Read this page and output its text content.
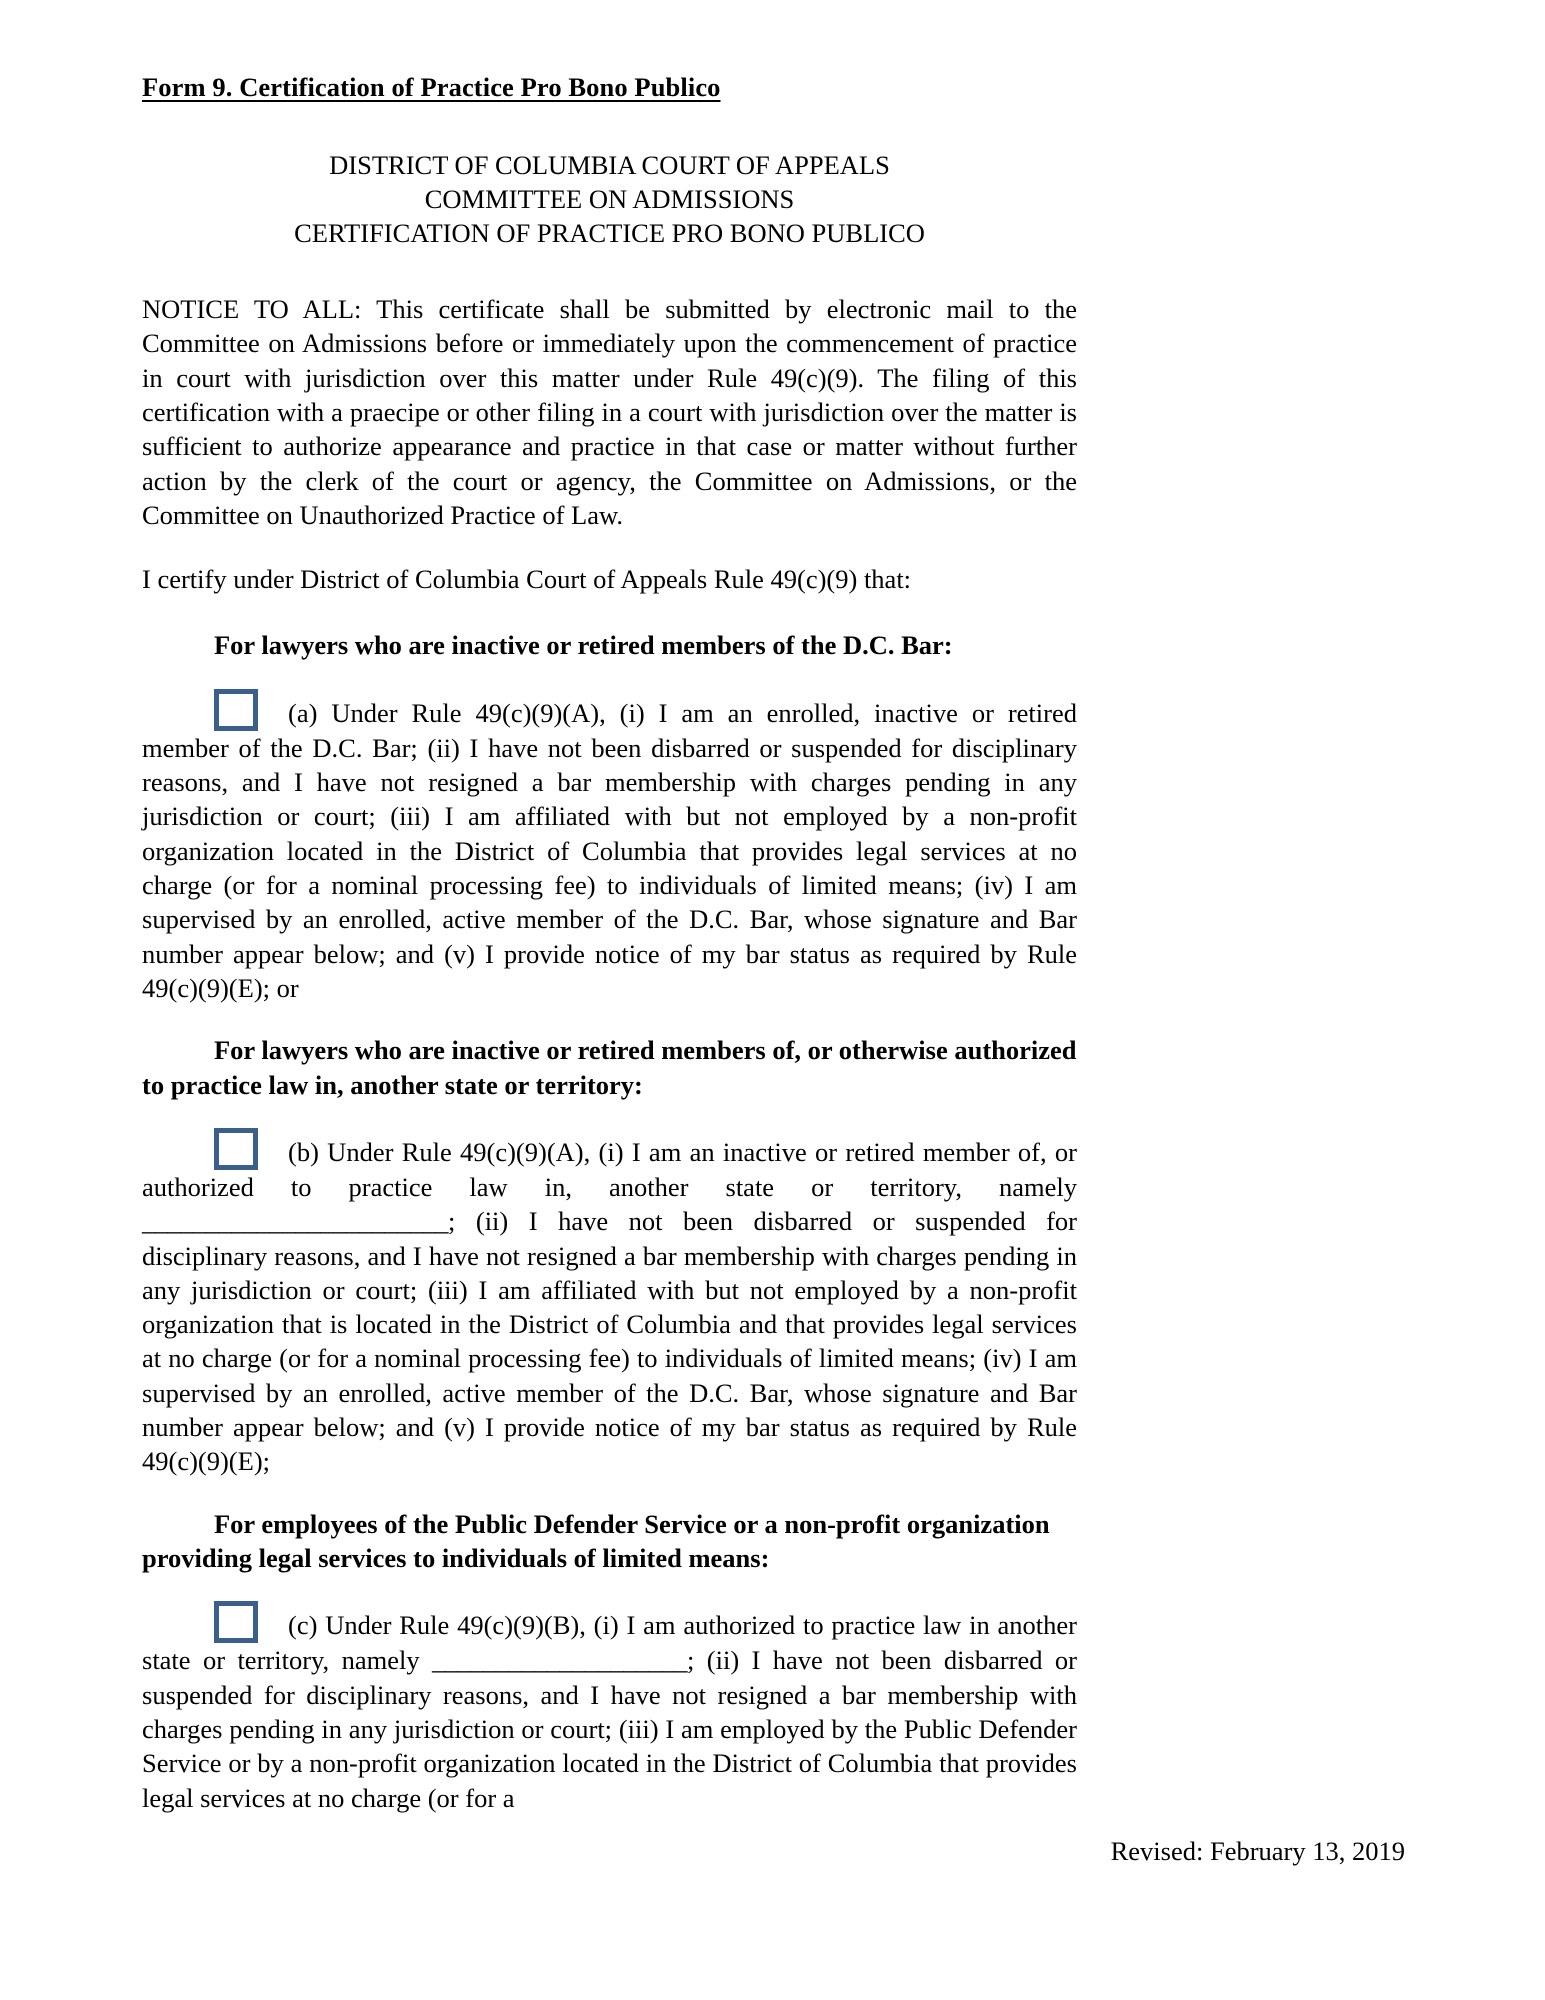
Form 9. Certification of Practice Pro Bono Publico
DISTRICT OF COLUMBIA COURT OF APPEALS
COMMITTEE ON ADMISSIONS
CERTIFICATION OF PRACTICE PRO BONO PUBLICO

NOTICE TO ALL: This certificate shall be submitted by electronic mail to the Committee on Admissions before or immediately upon the commencement of practice in court with jurisdiction over this matter under Rule 49(c)(9). The filing of this certification with a praecipe or other filing in a court with jurisdiction over the matter is sufficient to authorize appearance and practice in that case or matter without further action by the clerk of the court or agency, the Committee on Admissions, or the Committee on Unauthorized Practice of Law.

I certify under District of Columbia Court of Appeals Rule 49(c)(9) that:

For lawyers who are inactive or retired members of the D.C. Bar:

(a) Under Rule 49(c)(9)(A), (i) I am an enrolled, inactive or retired member of the D.C. Bar; (ii) I have not been disbarred or suspended for disciplinary reasons, and I have not resigned a bar membership with charges pending in any jurisdiction or court; (iii) I am affiliated with but not employed by a non-profit organization located in the District of Columbia that provides legal services at no charge (or for a nominal processing fee) to individuals of limited means; (iv) I am supervised by an enrolled, active member of the D.C. Bar, whose signature and Bar number appear below; and (v) I provide notice of my bar status as required by Rule 49(c)(9)(E); or

For lawyers who are inactive or retired members of, or otherwise authorized to practice law in, another state or territory:

(b) Under Rule 49(c)(9)(A), (i) I am an inactive or retired member of, or authorized to practice law in, another state or territory, namely ________________________; (ii) I have not been disbarred or suspended for disciplinary reasons, and I have not resigned a bar membership with charges pending in any jurisdiction or court; (iii) I am affiliated with but not employed by a non-profit organization that is located in the District of Columbia and that provides legal services at no charge (or for a nominal processing fee) to individuals of limited means; (iv) I am supervised by an enrolled, active member of the D.C. Bar, whose signature and Bar number appear below; and (v) I provide notice of my bar status as required by Rule 49(c)(9)(E);

For employees of the Public Defender Service or a non-profit organization providing legal services to individuals of limited means:

(c) Under Rule 49(c)(9)(B), (i) I am authorized to practice law in another state or territory, namely ____________________; (ii) I have not been disbarred or suspended for disciplinary reasons, and I have not resigned a bar membership with charges pending in any jurisdiction or court; (iii) I am employed by the Public Defender Service or by a non-profit organization located in the District of Columbia that provides legal services at no charge (or for a

Revised: February 13, 2019
